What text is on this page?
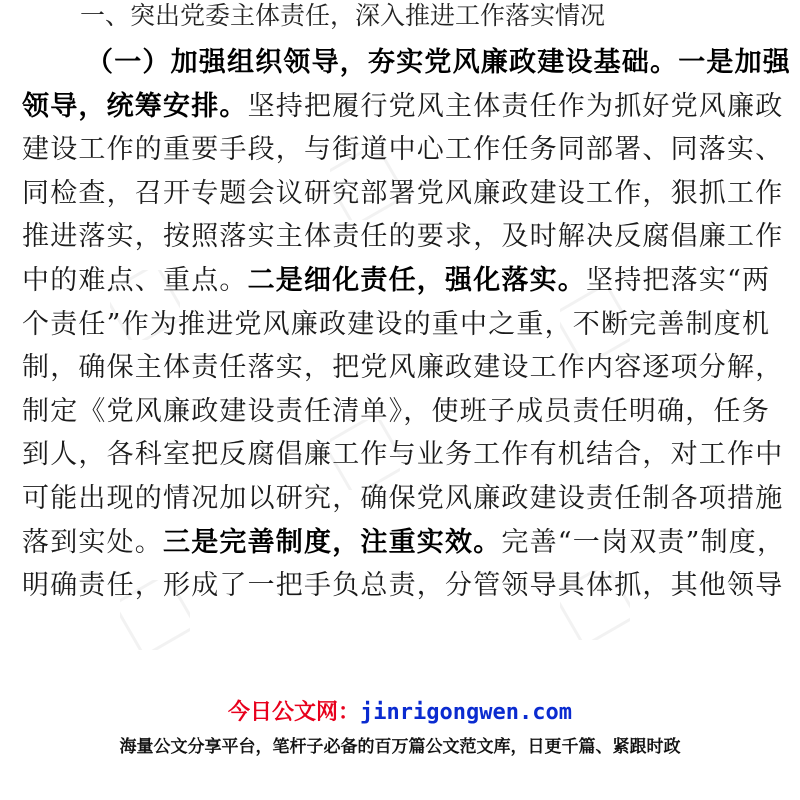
一、突出党委主体责任，深入推进工作落实情况
（一）加强组织领导，夯实党风廉政建设基础。一是加强
领导，统筹安排。坚持把履行党风主体责任作为抓好党风廉政
建设工作的重要手段，与街道中心工作任务同部署、同落实、
同检查，召开专题会议研究部署党风廉政建设工作，狠抓工作
推进落实，按照落实主体责任的要求，及时解决反腐倡廉工作
中的难点、重点。二是细化责任，强化落实。坚持把落实“两
个责任”作为推进党风廉政建设的重中之重，不断完善制度机
制，确保主体责任落实，把党风廉政建设工作内容逐项分解，
制定《党风廉政建设责任清单》，使班子成员责任明确，任务
到人，各科室把反腐倡廉工作与业务工作有机结合，对工作中
可能出现的情况加以研究，确保党风廉政建设责任制各项措施
落到实处。三是完善制度，注重实效。完善“一岗双责”制度，
明确责任，形成了一把手负总责，分管领导具体抓，其他领导
今日公文网：jinrigongwen.com
海量公文分享平台，笔杆子必备的百万篇公文范文库，日更千篇、紧跟时政
